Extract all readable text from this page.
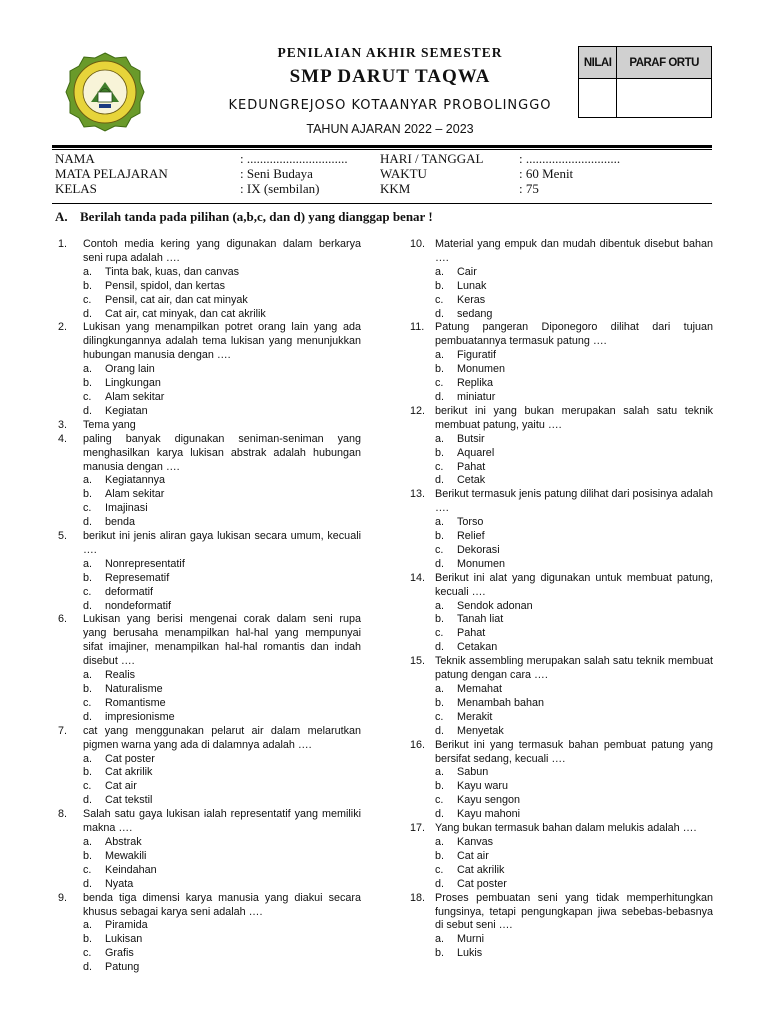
PENILAIAN AKHIR SEMESTER
SMP DARUT TAQWA
KEDUNGREJOSO KOTAANYAR PROBOLINGGO
TAHUN AJARAN 2022 – 2023
NILAI	PARAF ORTU

NAMA	: ............................... HARI / TANGGAL	: .............................
MATA PELAJARAN	: Seni Budaya	WAKTU	: 60 Menit
KELAS	: IX (sembilan)	KKM	: 75
A. Berilah tanda pada pilihan (a,b,c, dan d) yang dianggap benar !
1.	Contoh media kering yang digunakan dalam berkarya seni rupa adalah ….
a.	Tinta bak, kuas, dan canvas
b.	Pensil, spidol, dan kertas
c.	Pensil, cat air, dan cat minyak
d.	Cat air, cat minyak, dan cat akrilik
2.	Lukisan yang menampilkan potret orang lain yang ada dilingkungannya adalah tema lukisan yang menunjukkan hubungan manusia dengan ….
a.	Orang lain
b.	Lingkungan
c.	Alam sekitar
d.	Kegiatan
3.	Tema yang
4.	paling banyak digunakan seniman-seniman yang menghasilkan karya lukisan abstrak adalah hubungan manusia dengan ….
a.	Kegiatannya
b.	Alam sekitar
c.	Imajinasi
d.	benda
5.	berikut ini jenis aliran gaya lukisan secara umum, kecuali ….
a.	Nonrepresentatif
b.	Represematif
c.	deformatif
d.	nondeformatif
6.	Lukisan yang berisi mengenai corak dalam seni rupa yang berusaha menampilkan hal-hal yang mempunyai sifat imajiner, menampilkan hal-hal romantis dan indah disebut ….
a.	Realis
b.	Naturalisme
c.	Romantisme
d.	impresionisme
7.	cat yang menggunakan pelarut air dalam melarutkan pigmen warna yang ada di dalamnya adalah ….
a.	Cat poster
b.	Cat akrilik
c.	Cat air
d.	Cat tekstil
8.	Salah satu gaya lukisan ialah representatif yang memiliki makna ….
a.	Abstrak
b.	Mewakili
c.	Keindahan
d.	Nyata
9.	benda tiga dimensi karya manusia yang diakui secara khusus sebagai karya seni adalah ….
a.	Piramida
b.	Lukisan
c.	Grafis
d.	Patung
10. Material yang empuk dan mudah dibentuk disebut bahan ….
a.	Cair
b.	Lunak
c.	Keras
d.	sedang
11. Patung pangeran Diponegoro dilihat dari tujuan pembuatannya termasuk patung ….
a.	Figuratif
b.	Monumen
c.	Replika
d.	miniatur
12. berikut ini yang bukan merupakan salah satu teknik membuat patung, yaitu ….
a.	Butsir
b.	Aquarel
c.	Pahat
d.	Cetak
13. Berikut termasuk jenis patung dilihat dari posisinya adalah ….
a.	Torso
b.	Relief
c.	Dekorasi
d.	Monumen
14. Berikut ini alat yang digunakan untuk membuat patung, kecuali ….
a.	Sendok adonan
b.	Tanah liat
c.	Pahat
d.	Cetakan
15. Teknik assembling merupakan salah satu teknik membuat patung dengan cara ….
a.	Memahat
b.	Menambah bahan
c.	Merakit
d.	Menyetak
16. Berikut ini yang termasuk bahan pembuat patung yang bersifat sedang, kecuali ….
a.	Sabun
b.	Kayu waru
c.	Kayu sengon
d.	Kayu mahoni
17. Yang bukan termasuk bahan dalam melukis adalah ….
a.	Kanvas
b.	Cat air
c.	Cat akrilik
d.	Cat poster
18. Proses pembuatan seni yang tidak memperhitungkan fungsinya, tetapi pengungkapan jiwa sebebas-bebasnya di sebut seni ….
a.	Murni
b.	Lukis
